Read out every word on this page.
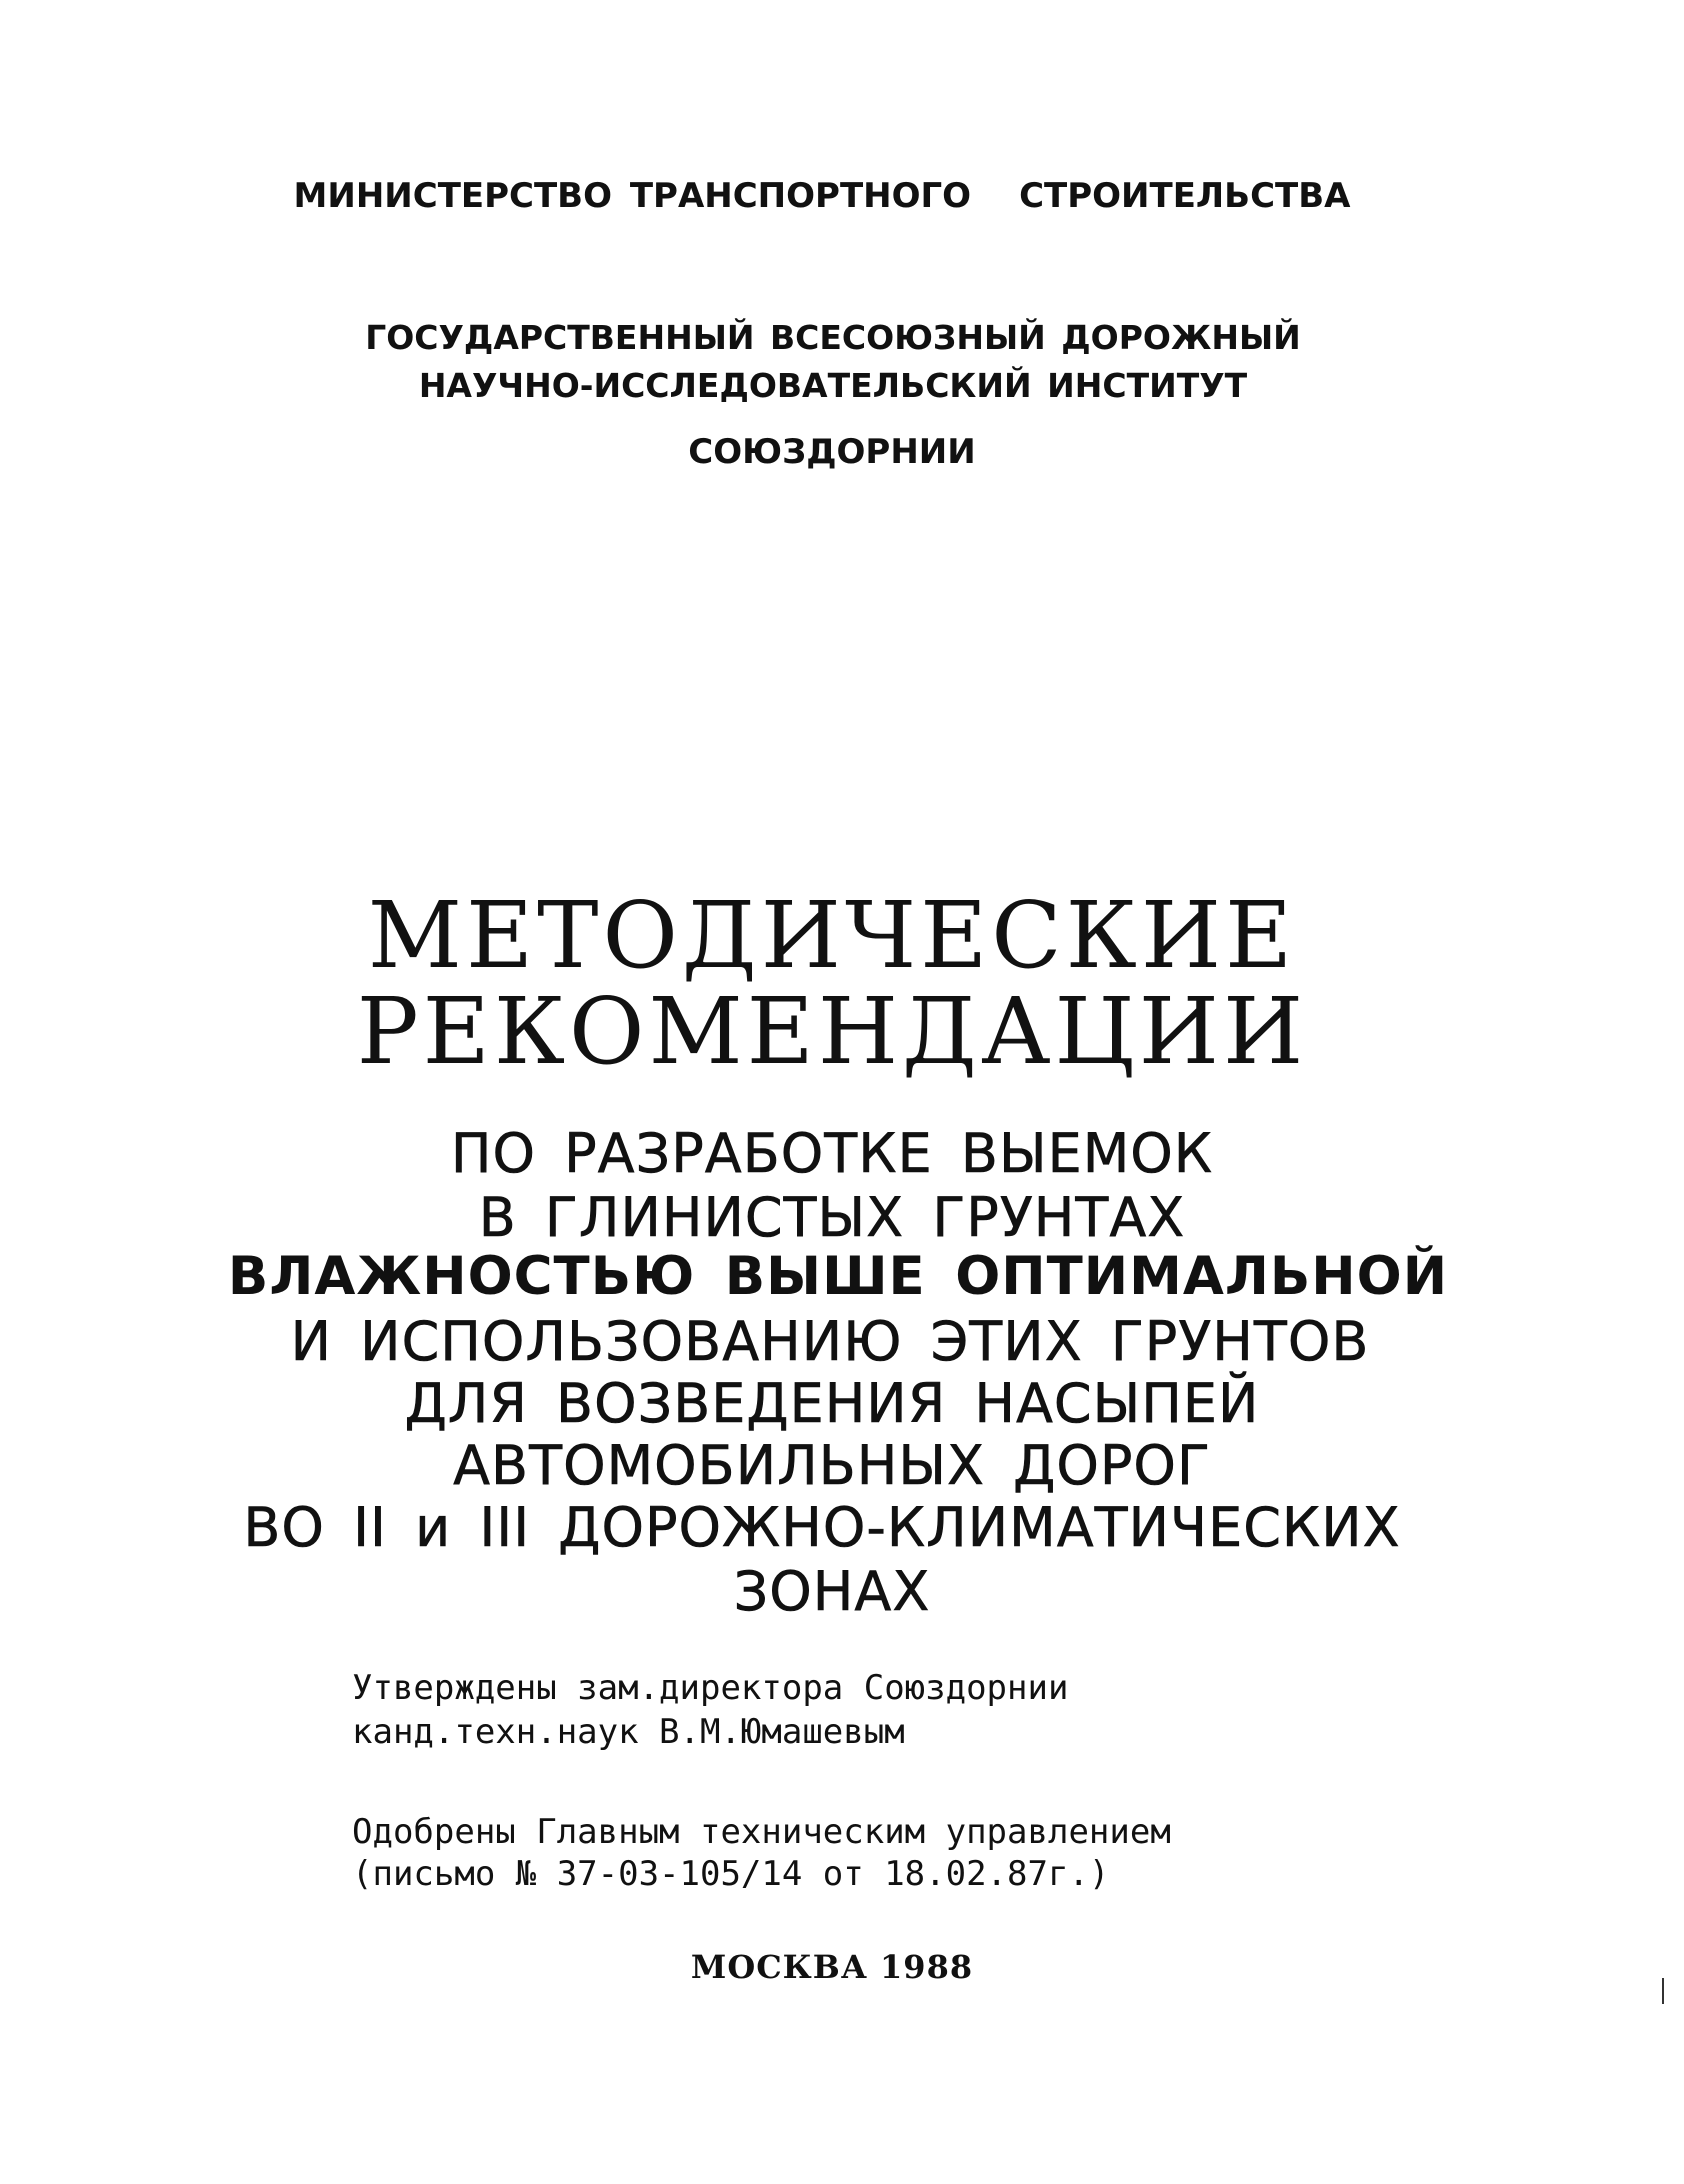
МИНИСТЕРСТВО ТРАНСПОРТНОГО СТРОИТЕЛЬСТВА
ГОСУДАРСТВЕННЫЙ ВСЕСОЮЗНЫЙ ДОРОЖНЫЙ
НАУЧНО-ИССЛЕДОВАТЕЛЬСКИЙ ИНСТИТУТ
СОЮЗДОРНИИ
МЕТОДИЧЕСКИЕ
РЕКОМЕНДАЦИИ
ПО РАЗРАБОТКЕ ВЫЕМОК
В ГЛИНИСТЫХ ГРУНТАХ
ВЛАЖНОСТЬЮ ВЫШЕ ОПТИМАЛЬНОЙ
И ИСПОЛЬЗОВАНИЮ ЭТИХ ГРУНТОВ
ДЛЯ ВОЗВЕДЕНИЯ НАСЫПЕЙ
АВТОМОБИЛЬНЫХ ДОРОГ
ВО II и III ДОРОЖНО-КЛИМАТИЧЕСКИХ
ЗОНАХ
Утверждены зам.директора Союздорнии
канд.техн.наук В.М.Юмашевым
Одобрены Главным техническим управлением
(письмо № 37-03-105/14 от 18.02.87г.)
МОСКВА 1988
